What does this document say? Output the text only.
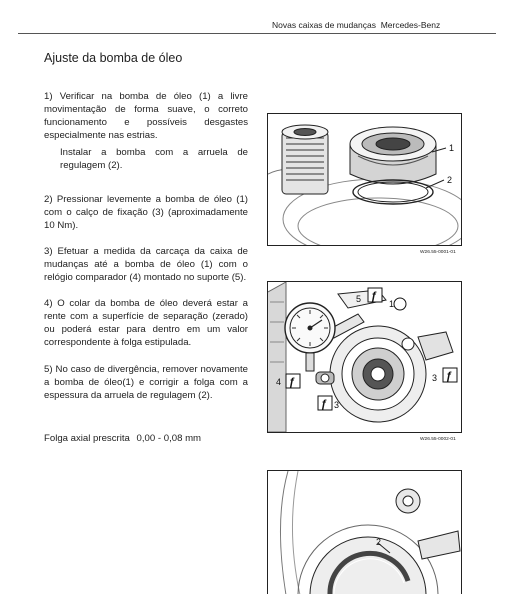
Novas caixas de mudanças Mercedes-Benz
Ajuste da bomba de óleo

1) Verificar na bomba de óleo (1) a livre movimentação de forma suave, o correto funcionamento e possíveis desgastes especialmente nas estrias.

Instalar a bomba com a arruela de regulagem (2).

2) Pressionar levemente a bomba de óleo (1) com o calço de fixação (3) (aproximadamente 10 Nm).

3) Efetuar a medida da carcaça da caixa de mudanças até a bomba de óleo (1) com o relógio comparador (4) montado no suporte (5).

4) O colar da bomba de óleo deverá estar a rente com a superfície de separação (zerado) ou poderá estar para dentro em um valor correspondente à folga estipulada.

5) No caso de divergência, remover novamente a bomba de óleo(1) e corrigir a folga com a espessura da arruela de regulagem (2).

Folga axial prescrita 0,00 - 0,08 mm
1
2
W26.55-0001-01
ƒ
5	1
ƒ
4	ƒ
3
ƒ 3
W26.55-0002-01
2
